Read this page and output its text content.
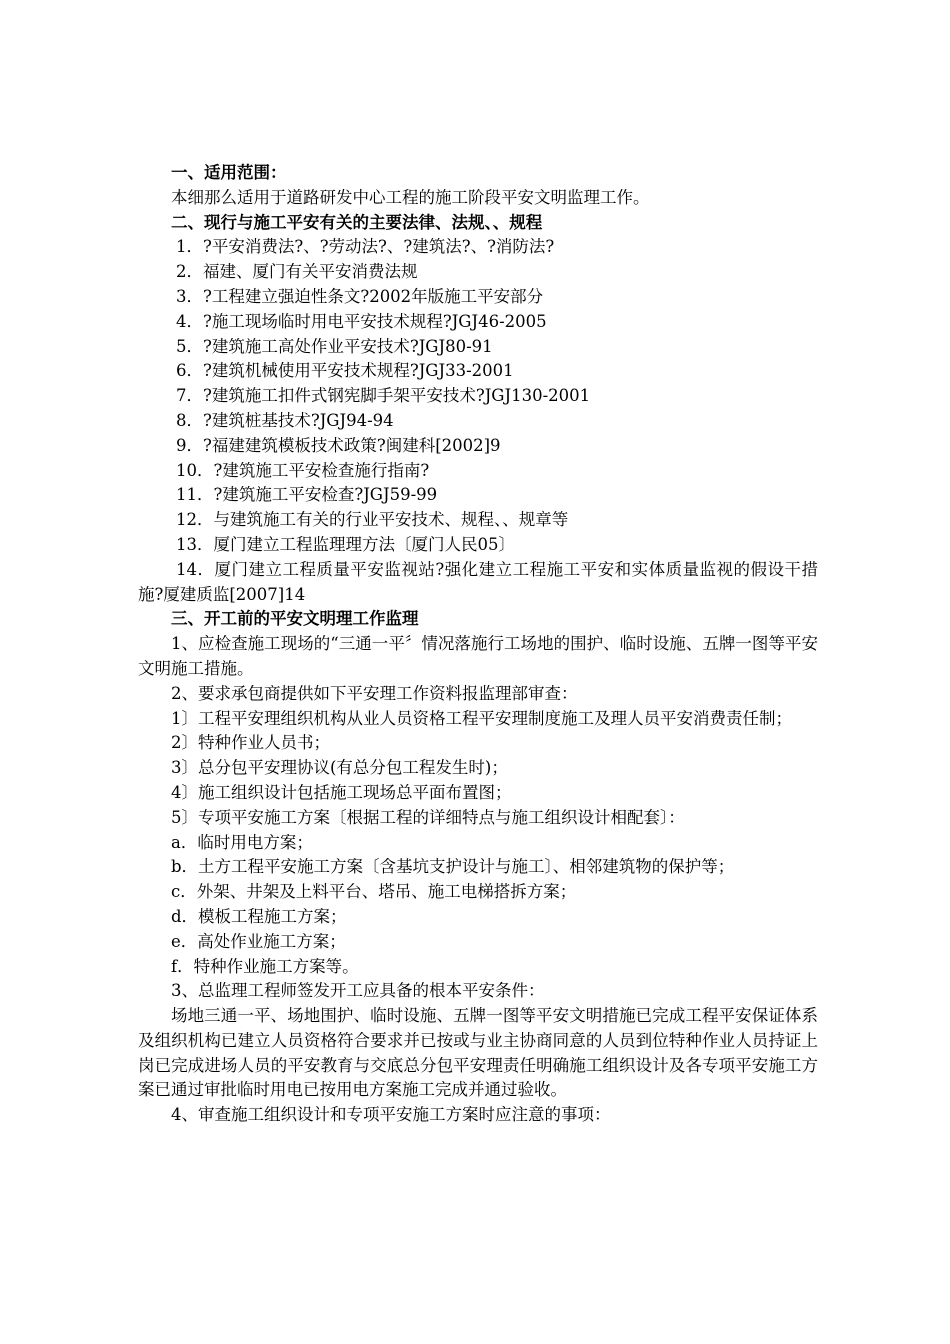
一、适用范围：

本细那么适用于道路研发中心工程的施工阶段平安文明监理工作。

二、现行与施工平安有关的主要法律、法规、、规程

1．?平安消费法?、?劳动法?、?建筑法?、?消防法?

2．福建、厦门有关平安消费法规

3．?工程建立强迫性条文?2002年版施工平安部分

4．?施工现场临时用电平安技术规程?JGJ46-2005

5．?建筑施工高处作业平安技术?JGJ80-91

6．?建筑机械使用平安技术规程?JGJ33-2001

7．?建筑施工扣件式钢宪脚手架平安技术?JGJ130-2001

8．?建筑桩基技术?JGJ94-94

9．?福建建筑模板技术政策?闽建科[2002]9

10．?建筑施工平安检查施行指南?

11．?建筑施工平安检查?JGJ59-99

12．与建筑施工有关的行业平安技术、规程、、规章等

13．厦门建立工程监理理方法〔厦门人民05〕

14．厦门建立工程质量平安监视站?强化建立工程施工平安和实体质量监视的假设干措施?厦建质监[2007]14

三、开工前的平安文明理工作监理

1、应检查施工现场的“三通一平〞情况落施行工场地的围护、临时设施、五牌一图等平安文明施工措施。

2、要求承包商提供如下平安理工作资料报监理部审查：

1〕工程平安理组织机构从业人员资格工程平安理制度施工及理人员平安消费责任制；

2〕特种作业人员书；

3〕总分包平安理协议(有总分包工程发生时)；

4〕施工组织设计包括施工现场总平面布置图；

5〕专项平安施工方案〔根据工程的详细特点与施工组织设计相配套〕：

a．临时用电方案；

b．土方工程平安施工方案〔含基坑支护设计与施工〕、相邻建筑物的保护等；

c．外架、井架及上料平台、塔吊、施工电梯搭拆方案；

d．模板工程施工方案；

e．高处作业施工方案；

f．特种作业施工方案等。

3、总监理工程师签发开工应具备的根本平安条件：

场地三通一平、场地围护、临时设施、五牌一图等平安文明措施已完成工程平安保证体系及组织机构已建立人员资格符合要求并已按或与业主协商同意的人员到位特种作业人员持证上岗已完成进场人员的平安教育与交底总分包平安理责任明确施工组织设计及各专项平安施工方案已通过审批临时用电已按用电方案施工完成并通过验收。

4、审查施工组织设计和专项平安施工方案时应注意的事项：
